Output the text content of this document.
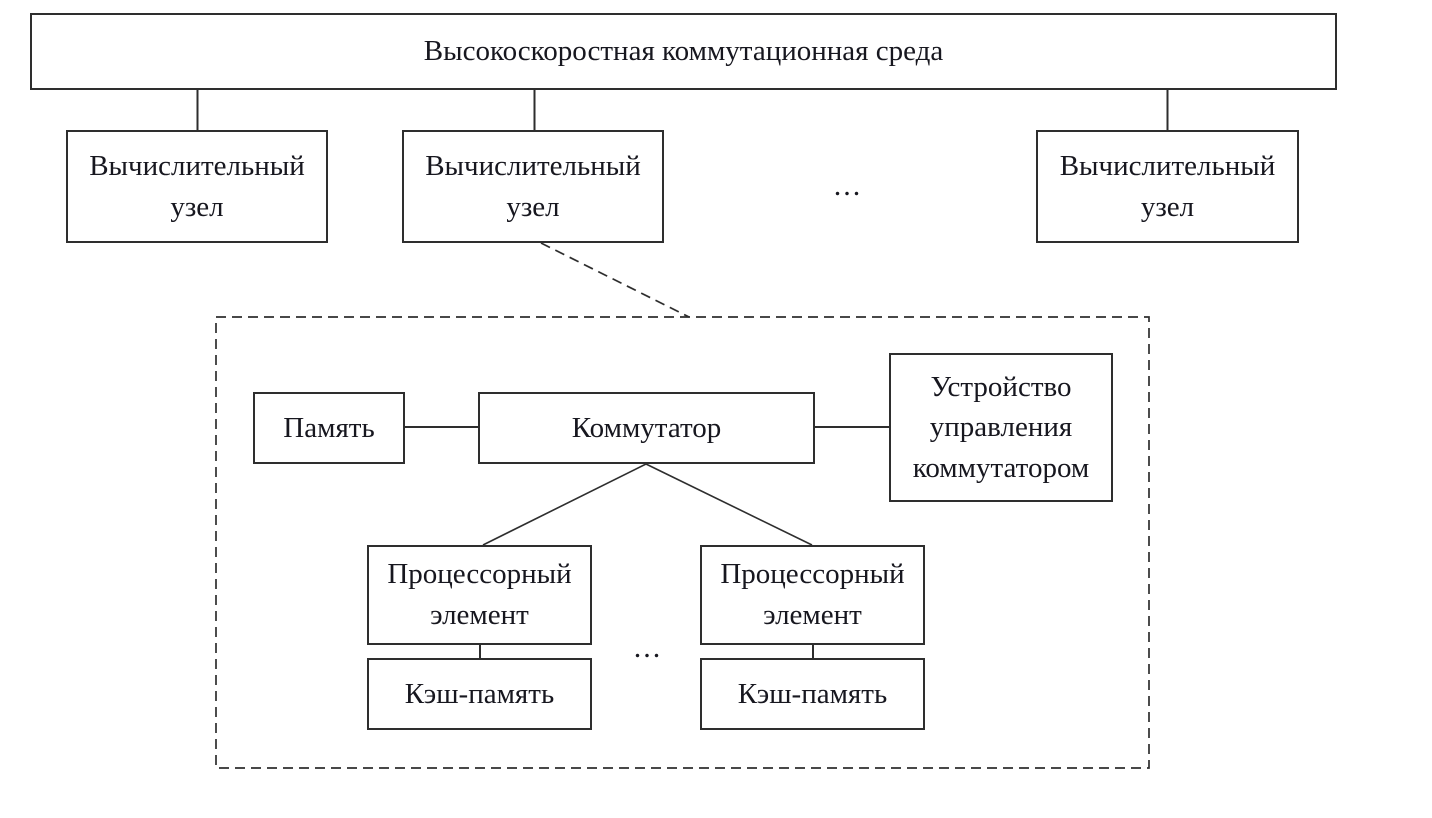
Высокоскоростная коммутационная среда
Вычислительный узел
Вычислительный узел
...
Вычислительный узел
Память	Коммутатор
Устройство управления коммутатором
Процессорный элемент
...
Процессорный элемент
Кэш-память	Кэш-память
